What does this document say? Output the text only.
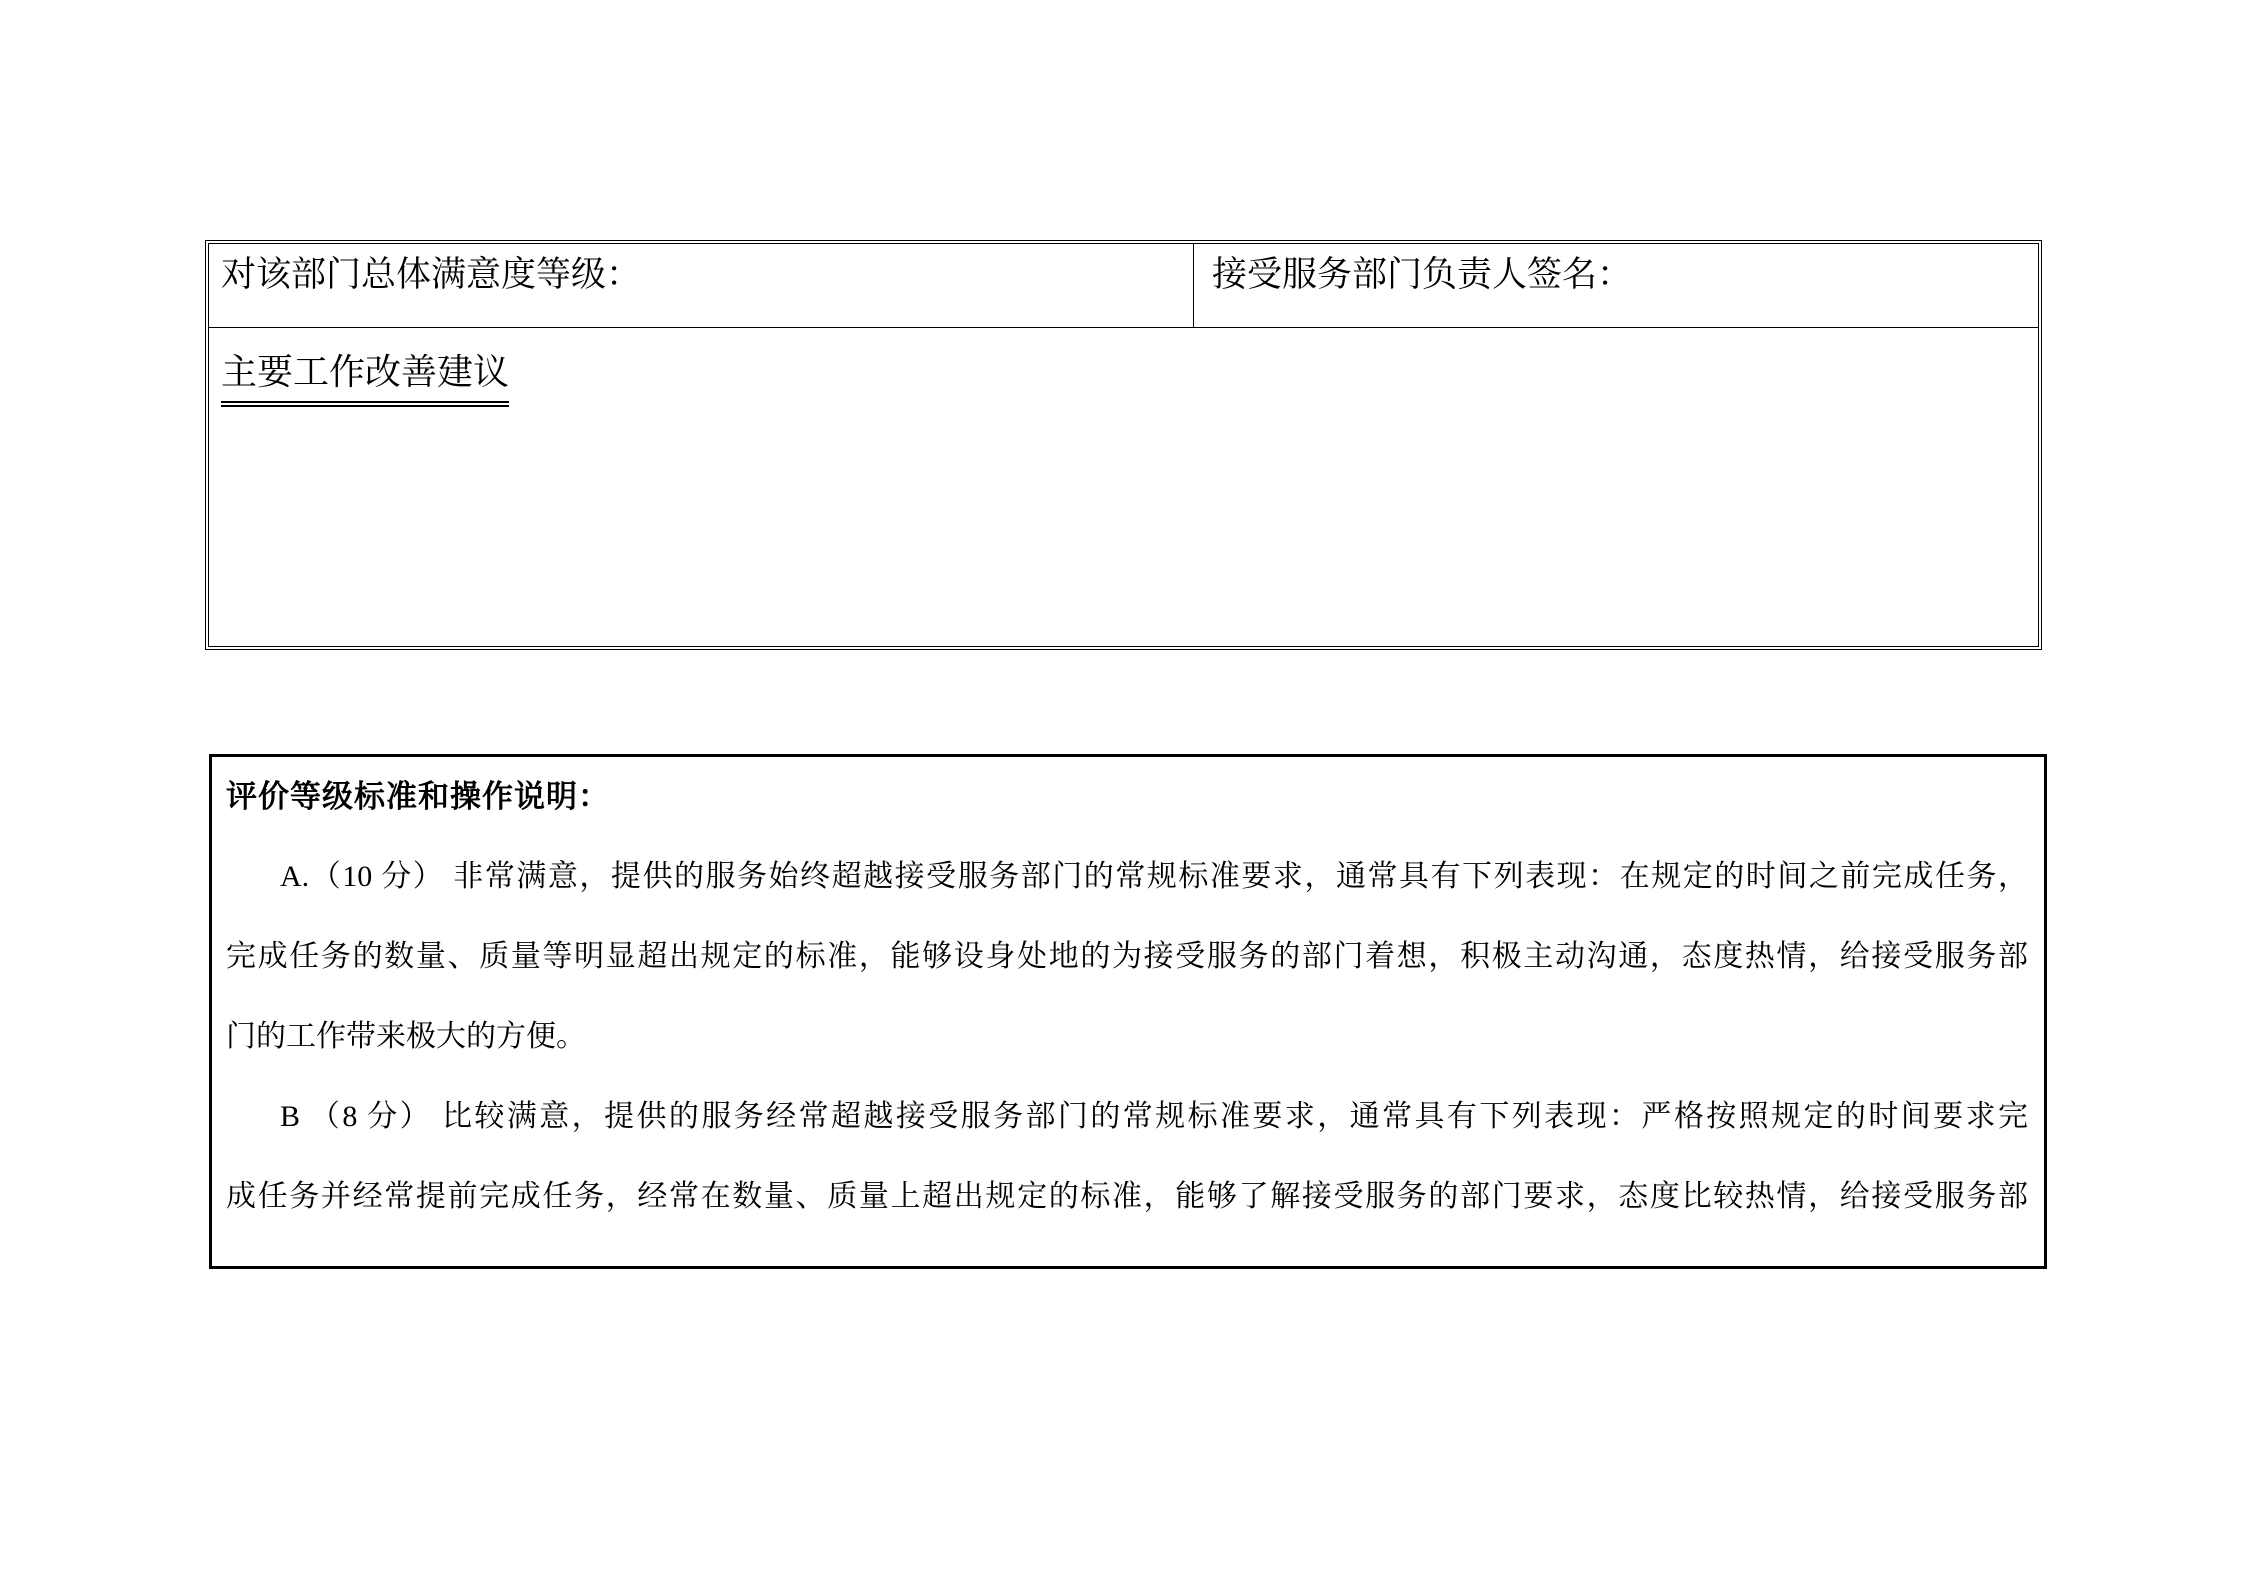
对该部门总体满意度等级：	接受服务部门负责人签名：
主要工作改善建议
评价等级标准和操作说明：
A.（10 分） 非常满意，提供的服务始终超越接受服务部门的常规标准要求，通常具有下列表现：在规定的时间之前完成任务，
完成任务的数量、质量等明显超出规定的标准，能够设身处地的为接受服务的部门着想，积极主动沟通，态度热情，给接受服务部
门的工作带来极大的方便。
B （8 分） 比较满意，提供的服务经常超越接受服务部门的常规标准要求，通常具有下列表现：严格按照规定的时间要求完
成任务并经常提前完成任务，经常在数量、质量上超出规定的标准，能够了解接受服务的部门要求，态度比较热情，给接受服务部
